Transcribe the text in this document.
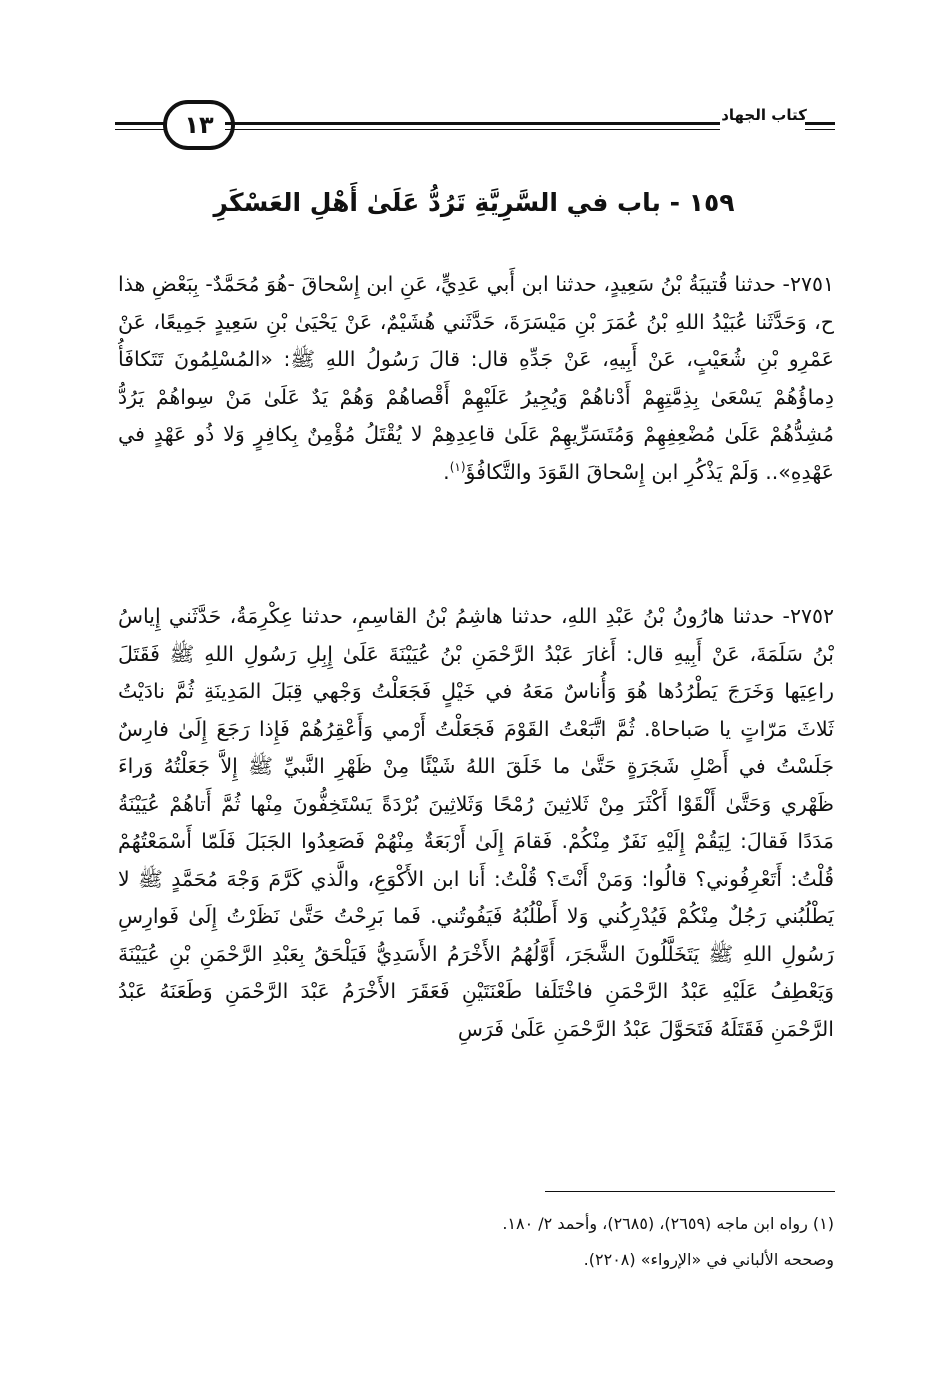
١٣	كتاب الجهاد
١٥٩ - باب في السَّرِيَّةِ تَرُدُّ عَلَىٰ أَهْلِ العَسْكَرِ
٢٧٥١- حدثنا قُتيبَةُ بْنُ سَعِيدٍ، حدثنا ابن أَبي عَدِيٍّ، عَنِ ابن إِسْحاقَ -هُوَ مُحَمَّدٌ- بِبَعْضِ هذا ح، وَحَدَّثَنا عُبَيْدُ اللهِ بْنُ عُمَرَ بْنِ مَيْسَرَةَ، حَدَّثَني هُشَيْمٌ، عَنْ يَحْيَىٰ بْنِ سَعِيدٍ جَمِيعًا، عَنْ عَمْرِو بْنِ شُعَيْبٍ، عَنْ أَبِيهِ، عَنْ جَدِّهِ قال: قالَ رَسُولُ اللهِ ﷺ: «المُسْلِمُونَ تَتَكافَأُ دِماؤُهُمْ يَسْعَىٰ بِذِمَّتِهِمْ أَدْناهُمْ وَيُجِيرُ عَلَيْهِمْ أَقْصاهُمْ وَهُمْ يَدٌ عَلَىٰ مَنْ سِواهُمْ يَرُدُّ مُشِدُّهُمْ عَلَىٰ مُضْعِفِهِمْ وَمُتَسَرِّيهِمْ عَلَىٰ قاعِدِهِمْ لا يُقْتَلُ مُؤْمِنٌ بِكافِرٍ وَلا ذُو عَهْدٍ في عَهْدِهِ».. وَلَمْ يَذْكُرِ ابن إِسْحاقَ القَوَدَ والتَّكافُؤَ$^{(١)}$.
٢٧٥٢- حدثنا هارُونُ بْنُ عَبْدِ اللهِ، حدثنا هاشِمُ بْنُ القاسِمِ، حدثنا عِكْرِمَةُ، حَدَّثَني إِياسُ بْنُ سَلَمَةَ، عَنْ أَبِيهِ قال: أَغارَ عَبْدُ الرَّحْمَنِ بْنُ عُيَيْنَةَ عَلَىٰ إِبِلِ رَسُولِ اللهِ ﷺ فَقَتَلَ راعِيَها وَخَرَجَ يَطْرُدُها هُوَ وَأُناسٌ مَعَهُ في خَيْلٍ فَجَعَلْتُ وَجْهي قِبَلَ المَدِينَةِ ثُمَّ نادَيْتُ ثَلاثَ مَرّاتٍ يا صَباحاهْ. ثُمَّ اتَّبَعْتُ القَوْمَ فَجَعَلْتُ أَرْمي وَأَعْقِرُهُمْ فَإِذا رَجَعَ إِلَىٰ فارِسٌ جَلَسْتُ في أَصْلِ شَجَرَةٍ حَتَّىٰ ما خَلَقَ اللهُ شَيْئًا مِنْ ظَهْرِ النَّبيِّ ﷺ إِلاَّ جَعَلْتُهُ وَراءَ ظَهْري وَحَتَّىٰ أَلْقَوْا أَكْثَرَ مِنْ ثَلاثِينَ رُمْحًا وَثَلاثِينَ بُرْدَةً يَسْتَخِفُّونَ مِنْها ثُمَّ أَتاهُمْ عُيَيْنَةُ مَدَدًا فَقالَ: لِيَقُمْ إِلَيْهِ نَفَرٌ مِنْكُمْ. فَقامَ إِلَىٰ أَرْبَعَةٌ مِنْهُمْ فَصَعِدُوا الجَبَلَ فَلَمّا أَسْمَعْتُهُمْ قُلْتُ: أَتَعْرِفُوني؟ قالُوا: وَمَنْ أَنْتَ؟ قُلْتُ: أَنا ابن الأَكْوَعِ، والَّذي كَرَّمَ وَجْهَ مُحَمَّدٍ ﷺ لا يَطْلُبُني رَجُلٌ مِنْكُمْ فَيُدْرِكُني وَلا أَطْلُبُهُ فَيَفُوتُني. فَما بَرِحْتُ حَتَّىٰ نَظَرْتُ إِلَىٰ فَوارِسِ رَسُولِ اللهِ ﷺ يَتَخَلَّلُونَ الشَّجَرَ، أَوَّلُهُمُ الأَخْرَمُ الأَسَدِيُّ فَيَلْحَقُ بِعَبْدِ الرَّحْمَنِ بْنِ عُيَيْنَةَ وَيَعْطِفُ عَلَيْهِ عَبْدُ الرَّحْمَنِ فاخْتَلَفا طَعْنَتَيْنِ فَعَقَرَ الأَخْرَمُ عَبْدَ الرَّحْمَنِ وَطَعَنَهُ عَبْدُ الرَّحْمَنِ فَقَتَلَهُ فَتَحَوَّلَ عَبْدُ الرَّحْمَنِ عَلَىٰ فَرَسِ
(١) رواه ابن ماجه (٢٦٥٩)، (٢٦٨٥)، وأحمد ٢/ ١٨٠.
وصححه الألباني في «الإرواء» (٢٢٠٨).
